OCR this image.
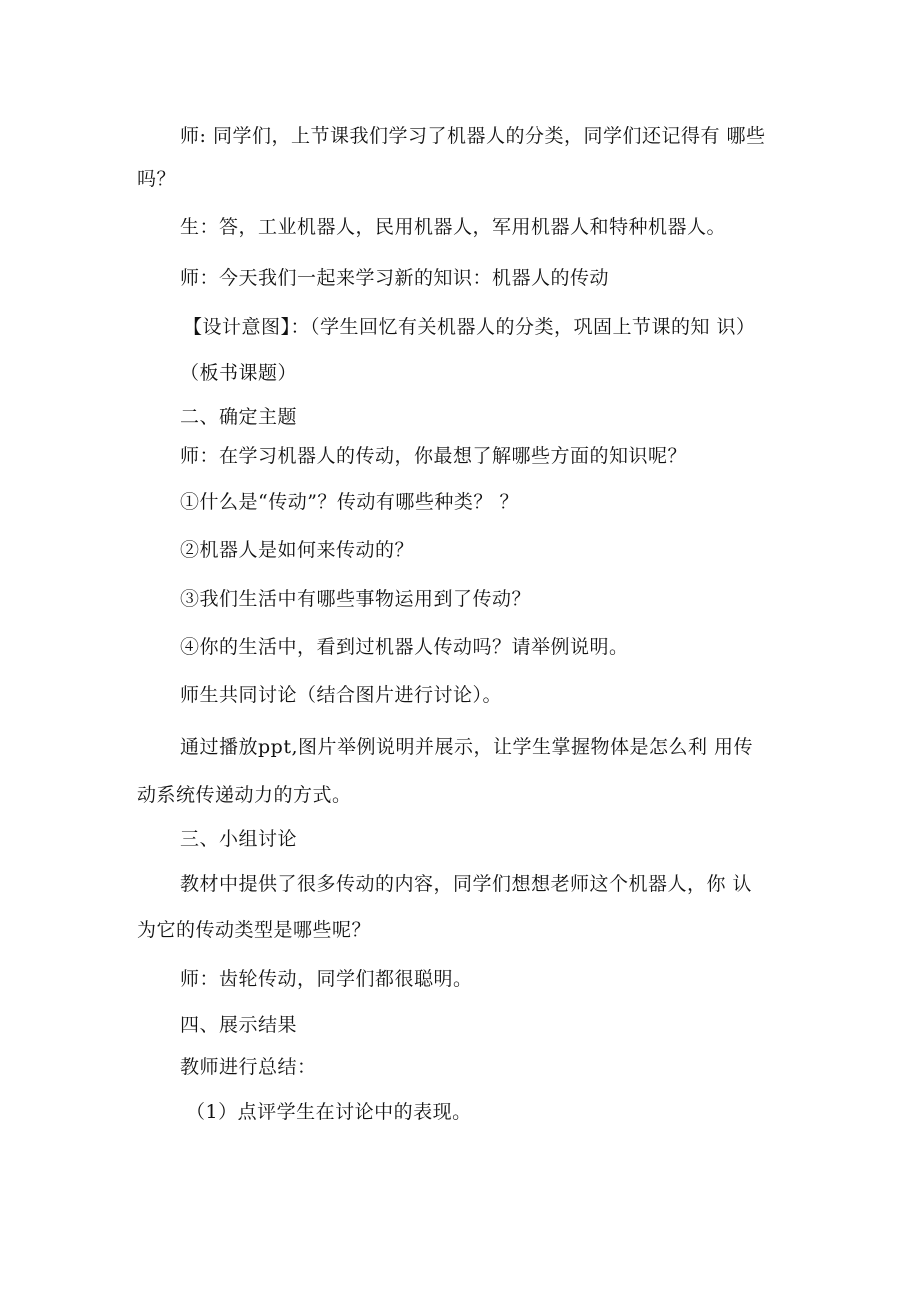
师: 同学们，上节课我们学习了机器人的分类，同学们还记得有 哪些
吗？
生：答，工业机器人，民用机器人，军用机器人和特种机器人。
师：今天我们一起来学习新的知识：机器人的传动
【设计意图】：（学生回忆有关机器人的分类，巩固上节课的知 识）
（板书课题）
二、确定主题
师：在学习机器人的传动，你最想了解哪些方面的知识呢？
①什么是“传动”？传动有哪些种类？ ？
②机器人是如何来传动的？
③我们生活中有哪些事物运用到了传动？
④你的生活中，看到过机器人传动吗？请举例说明。
师生共同讨论（结合图片进行讨论）。
通过播放ppt,图片举例说明并展示，让学生掌握物体是怎么利 用传
动系统传递动力的方式。
三、小组讨论
教材中提供了很多传动的内容，同学们想想老师这个机器人，你 认
为它的传动类型是哪些呢？
师：齿轮传动，同学们都很聪明。
四、展示结果
教师进行总结：
（1）点评学生在讨论中的表现。
